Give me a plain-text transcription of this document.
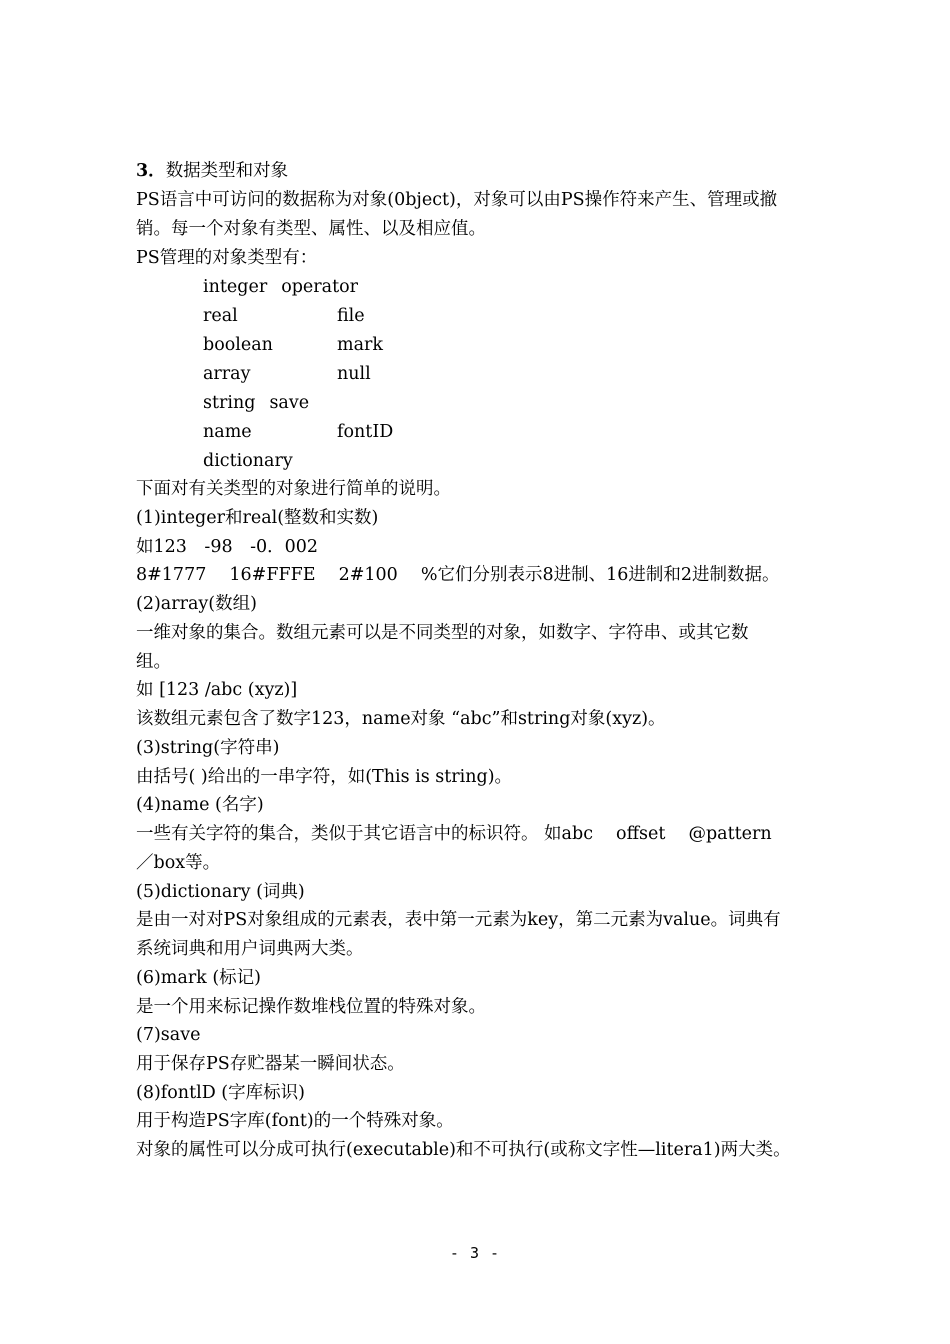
3．数据类型和对象
PS语言中可访问的数据称为对象(0bject)，对象可以由PS操作符来产生、管理或撤
销。每一个对象有类型、属性、以及相应值。
PS管理的对象类型有：
integer operator
real	file
boolean	mark
array	null
string save
name	fontID
dictionary
下面对有关类型的对象进行简单的说明。
(1)integer和real(整数和实数)
如123　-98　-0．002
8#1777　 16#FFFE　 2#100　 %它们分别表示8进制、16进制和2进制数据。
(2)array(数组)
一维对象的集合。数组元素可以是不同类型的对象，如数字、字符串、或其它数
组。
如 [123 /abc (xyz)]
该数组元素包含了数字123，name对象 “abc”和string对象(xyz)。
(3)string(字符串)
由括号( )给出的一串字符，如(This is string)。
(4)name (名字)
一些有关字符的集合，类似于其它语言中的标识符。 如abc　 offset　 @pattern
／box等。
(5)dictionary (词典)
是由一对对PS对象组成的元素表，表中第一元素为key，第二元素为value。词典有
系统词典和用户词典两大类。
(6)mark (标记)
是一个用来标记操作数堆栈位置的特殊对象。
(7)save
用于保存PS存贮器某一瞬间状态。
(8)fontlD (字库标识)
用于构造PS字库(font)的一个特殊对象。
对象的属性可以分成可执行(executable)和不可执行(或称文字性—litera1)两大类。
- 3 -
